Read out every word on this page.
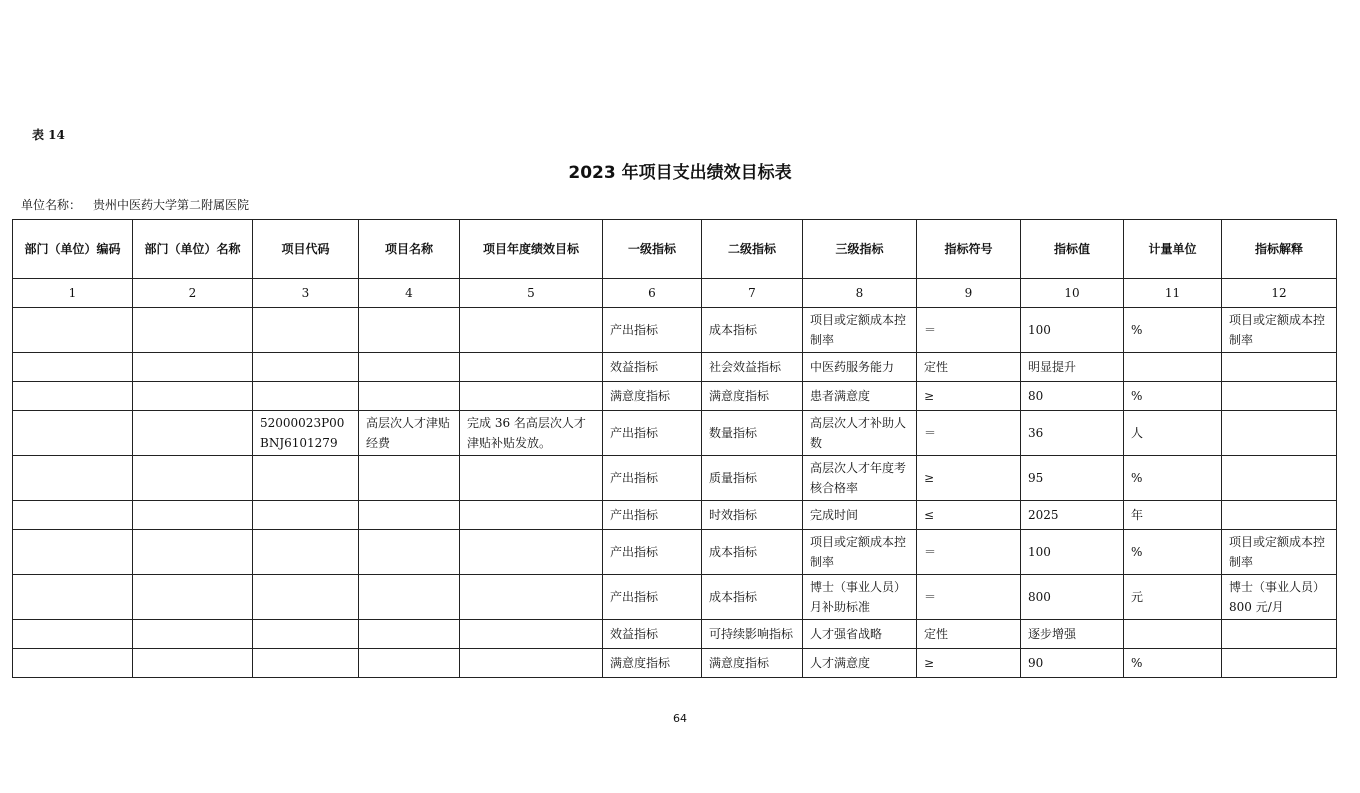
表 14
2023 年项目支出绩效目标表
单位名称： 贵州中医药大学第二附属医院
部门（单位）编码	部门（单位）名称	项目代码	项目名称	项目年度绩效目标	一级指标	二级指标	三级指标	指标符号	指标值	计量单位	指标解释
1	2	3	4	5	6	7	8	9	10	11	12
					产出指标	成本指标	项目或定额成本控制率	＝	100	%	项目或定额成本控制率
					效益指标	社会效益指标	中医药服务能力	定性	明显提升		
					满意度指标	满意度指标	患者满意度	≥	80	%	
		52000023P00BNJ6101279	高层次人才津贴经费	完成 36 名高层次人才津贴补贴发放。	产出指标	数量指标	高层次人才补助人数	＝	36	人	
					产出指标	质量指标	高层次人才年度考核合格率	≥	95	%	
					产出指标	时效指标	完成时间	≤	2025	年	
					产出指标	成本指标	项目或定额成本控制率	＝	100	%	项目或定额成本控制率
					产出指标	成本指标	博士（事业人员）月补助标准	＝	800	元	博士（事业人员）800 元/月
					效益指标	可持续影响指标	人才强省战略	定性	逐步增强		
					满意度指标	满意度指标	人才满意度	≥	90	%	
64
